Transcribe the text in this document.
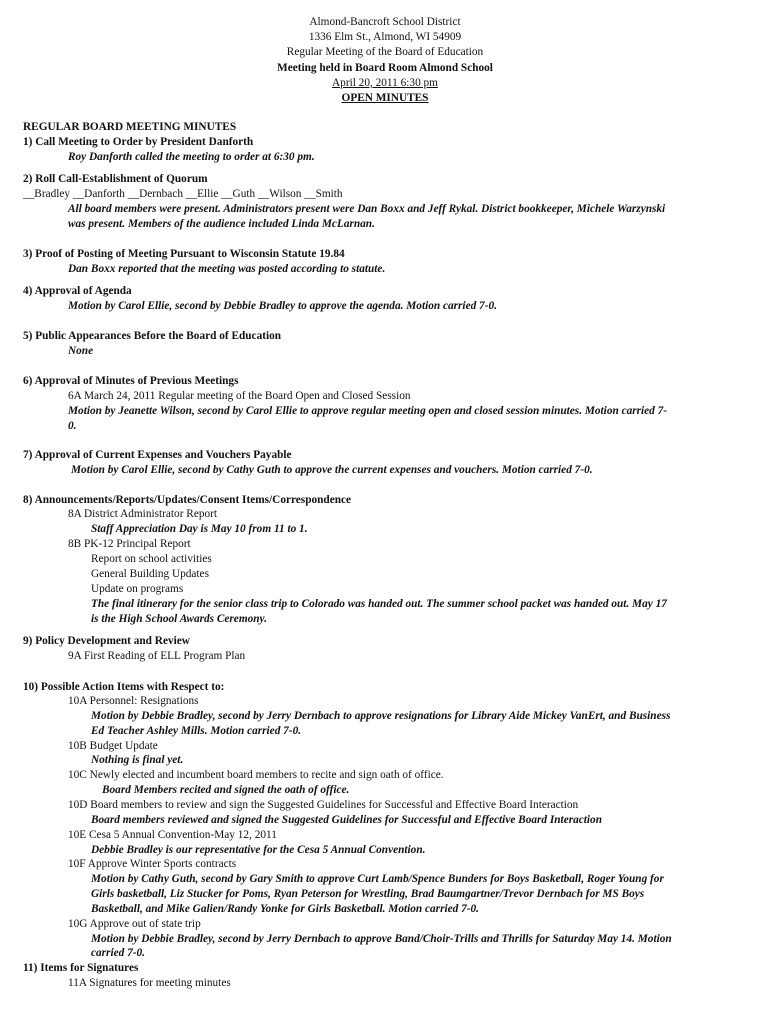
Almond-Bancroft School District
1336 Elm St., Almond, WI 54909
Regular Meeting of the Board of Education
Meeting held in Board Room Almond School
April 20, 2011 6:30 pm
OPEN MINUTES
REGULAR BOARD MEETING MINUTES
1) Call Meeting to Order by President Danforth
Roy Danforth called the meeting to order at 6:30 pm.
2) Roll Call-Establishment of Quorum
__Bradley __Danforth __Dernbach __Ellie __Guth __Wilson __Smith
All board members were present. Administrators present were Dan Boxx and Jeff Rykal. District bookkeeper, Michele Warzynski
was present. Members of the audience included Linda McLarnan.
3) Proof of Posting of Meeting Pursuant to Wisconsin Statute 19.84
Dan Boxx reported that the meeting was posted according to statute.
4) Approval of Agenda
Motion by Carol Ellie, second by Debbie Bradley to approve the agenda. Motion carried 7-0.
5) Public Appearances Before the Board of Education
None
6) Approval of Minutes of Previous Meetings
6A March 24, 2011 Regular meeting of the Board Open and Closed Session
Motion by Jeanette Wilson, second by Carol Ellie to approve regular meeting open and closed session minutes. Motion carried 7-
0.
7) Approval of Current Expenses and Vouchers Payable
Motion by Carol Ellie, second by Cathy Guth to approve the current expenses and vouchers. Motion carried 7-0.
8) Announcements/Reports/Updates/Consent Items/Correspondence
8A District Administrator Report
Staff Appreciation Day is May 10 from 11 to 1.
8B PK-12 Principal Report
Report on school activities
General Building Updates
Update on programs
The final itinerary for the senior class trip to Colorado was handed out. The summer school packet was handed out. May 17
is the High School Awards Ceremony.
9) Policy Development and Review
9A First Reading of ELL Program Plan
10) Possible Action Items with Respect to:
10A Personnel: Resignations
Motion by Debbie Bradley, second by Jerry Dernbach to approve resignations for Library Aide Mickey VanErt, and Business
Ed Teacher Ashley Mills. Motion carried 7-0.
10B Budget Update
Nothing is final yet.
10C Newly elected and incumbent board members to recite and sign oath of office.
Board Members recited and signed the oath of office.
10D Board members to review and sign the Suggested Guidelines for Successful and Effective Board Interaction
Board members reviewed and signed the Suggested Guidelines for Successful and Effective Board Interaction
10E Cesa 5 Annual Convention-May 12, 2011
Debbie Bradley is our representative for the Cesa 5 Annual Convention.
10F Approve Winter Sports contracts
Motion by Cathy Guth, second by Gary Smith to approve Curt Lamb/Spence Bunders for Boys Basketball, Roger Young for
Girls basketball, Liz Stucker for Poms, Ryan Peterson for Wrestling, Brad Baumgartner/Trevor Dernbach for MS Boys
Basketball, and Mike Galien/Randy Yonke for Girls Basketball. Motion carried 7-0.
10G Approve out of state trip
Motion by Debbie Bradley, second by Jerry Dernbach to approve Band/Choir-Trills and Thrills for Saturday May 14. Motion
carried 7-0.
11) Items for Signatures
11A Signatures for meeting minutes
